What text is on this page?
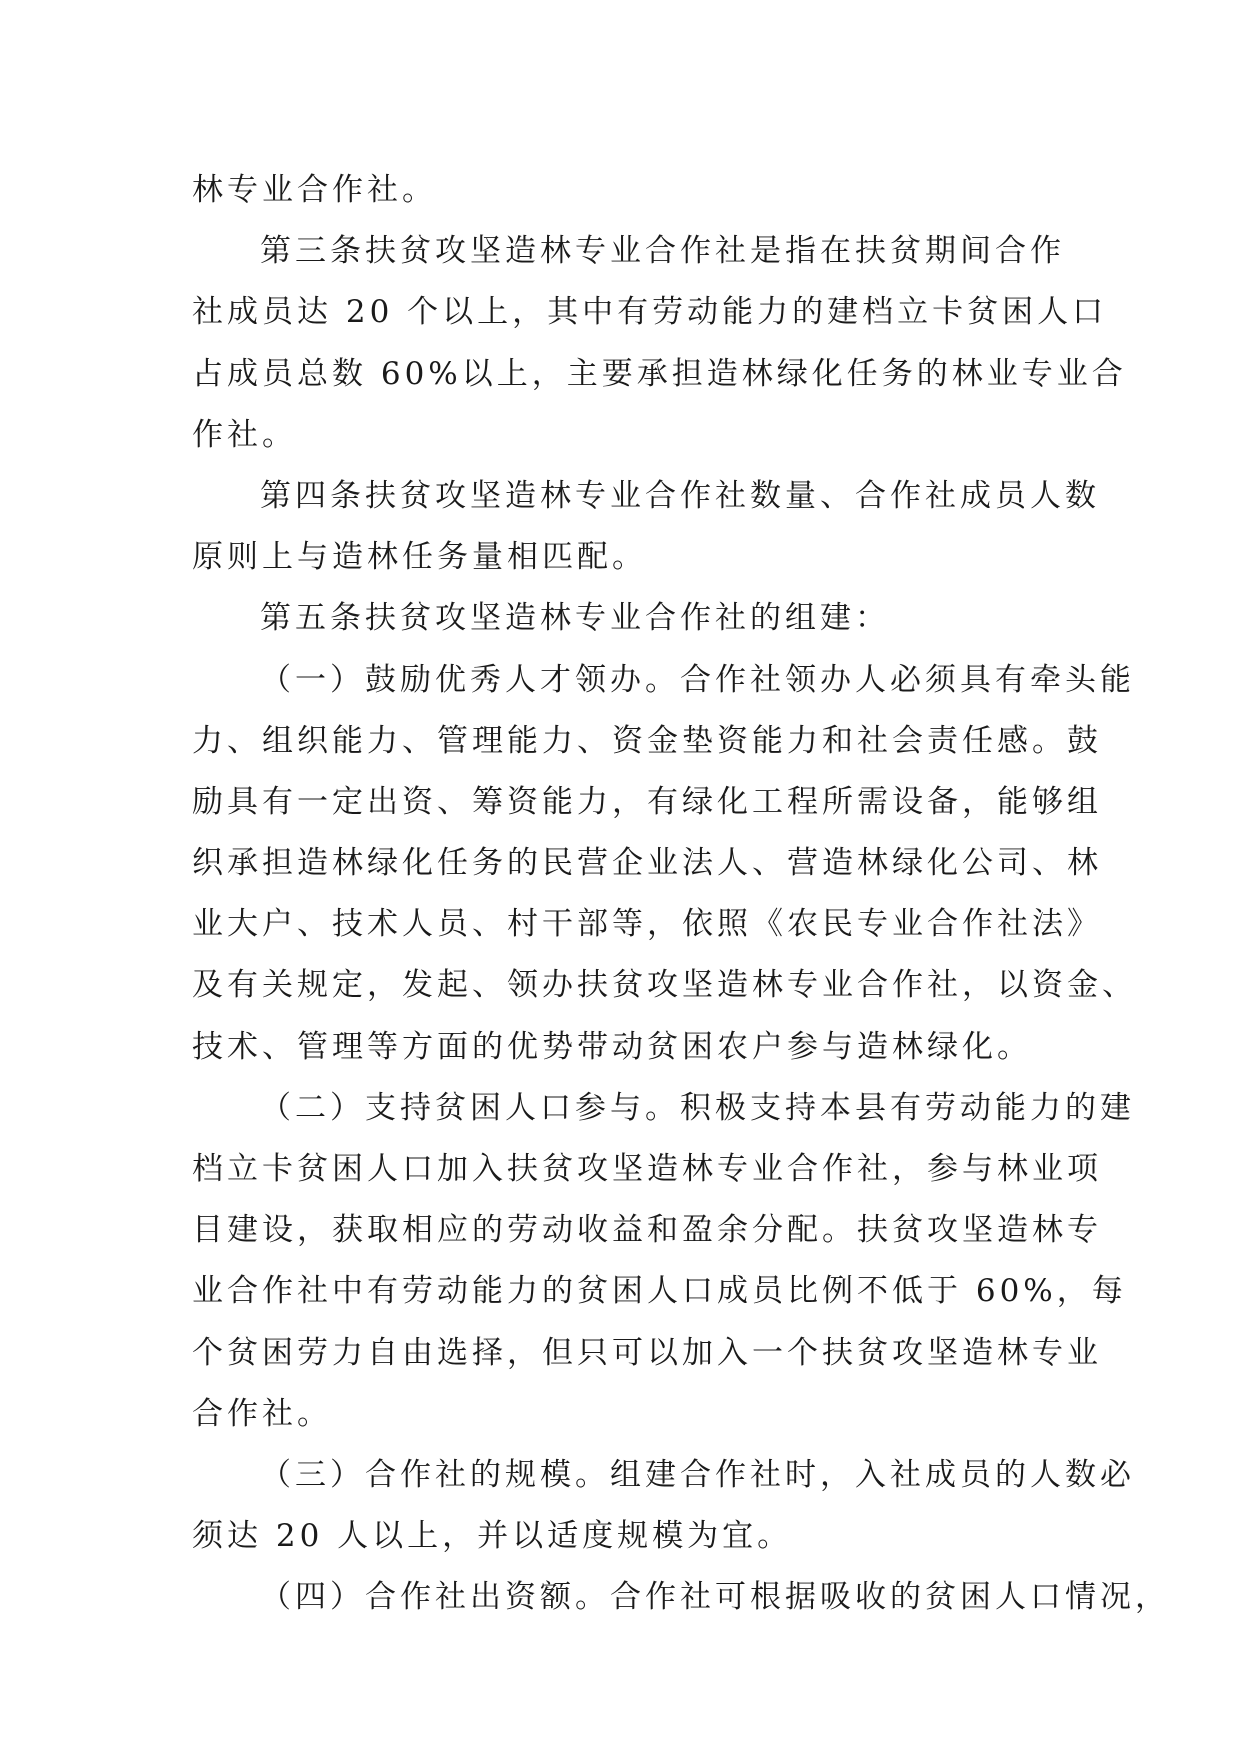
林专业合作社。
第三条扶贫攻坚造林专业合作社是指在扶贫期间合作
社成员达 20 个以上，其中有劳动能力的建档立卡贫困人口
占成员总数 60%以上，主要承担造林绿化任务的林业专业合
作社。
第四条扶贫攻坚造林专业合作社数量、合作社成员人数
原则上与造林任务量相匹配。
第五条扶贫攻坚造林专业合作社的组建：
（一）鼓励优秀人才领办。合作社领办人必须具有牵头能
力、组织能力、管理能力、资金垫资能力和社会责任感。鼓
励具有一定出资、筹资能力，有绿化工程所需设备，能够组
织承担造林绿化任务的民营企业法人、营造林绿化公司、林
业大户、技术人员、村干部等，依照《农民专业合作社法》
及有关规定，发起、领办扶贫攻坚造林专业合作社，以资金、
技术、管理等方面的优势带动贫困农户参与造林绿化。
（二）支持贫困人口参与。积极支持本县有劳动能力的建
档立卡贫困人口加入扶贫攻坚造林专业合作社，参与林业项
目建设，获取相应的劳动收益和盈余分配。扶贫攻坚造林专
业合作社中有劳动能力的贫困人口成员比例不低于 60%，每
个贫困劳力自由选择，但只可以加入一个扶贫攻坚造林专业
合作社。
（三）合作社的规模。组建合作社时，入社成员的人数必
须达 20 人以上，并以适度规模为宜。
（四）合作社出资额。合作社可根据吸收的贫困人口情况，
